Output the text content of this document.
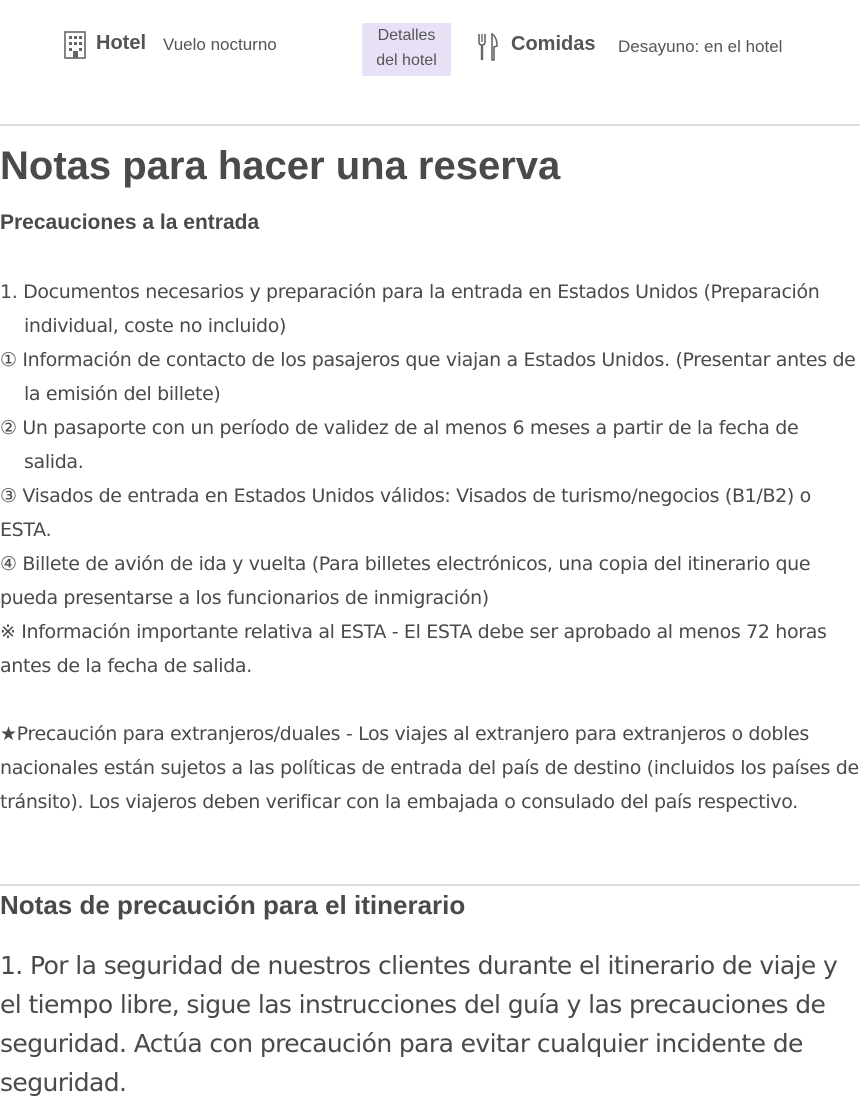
Hotel Vuelo nocturno	Detalles
del hotel
Comidas Desayuno: en el hotel
Notas para hacer una reserva
Precauciones a la entrada
1. Documentos necesarios y preparación para la entrada en Estados Unidos (Preparación individual, coste no incluido)
① Información de contacto de los pasajeros que viajan a Estados Unidos. (Presentar antes de la emisión del billete)
② Un pasaporte con un período de validez de al menos 6 meses a partir de la fecha de salida.
③ Visados de entrada en Estados Unidos válidos: Visados de turismo/negocios (B1/B2) o ESTA.
④ Billete de avión de ida y vuelta (Para billetes electrónicos, una copia del itinerario que pueda presentarse a los funcionarios de inmigración)
※ Información importante relativa al ESTA - El ESTA debe ser aprobado al menos 72 horas antes de la fecha de salida.
★Precaución para extranjeros/duales - Los viajes al extranjero para extranjeros o dobles nacionales están sujetos a las políticas de entrada del país de destino (incluidos los países de tránsito). Los viajeros deben verificar con la embajada o consulado del país respectivo.
Notas de precaución para el itinerario

1. Por la seguridad de nuestros clientes durante el itinerario de viaje y el tiempo libre, sigue las instrucciones del guía y las precauciones de seguridad. Actúa con precaución para evitar cualquier incidente de seguridad.
